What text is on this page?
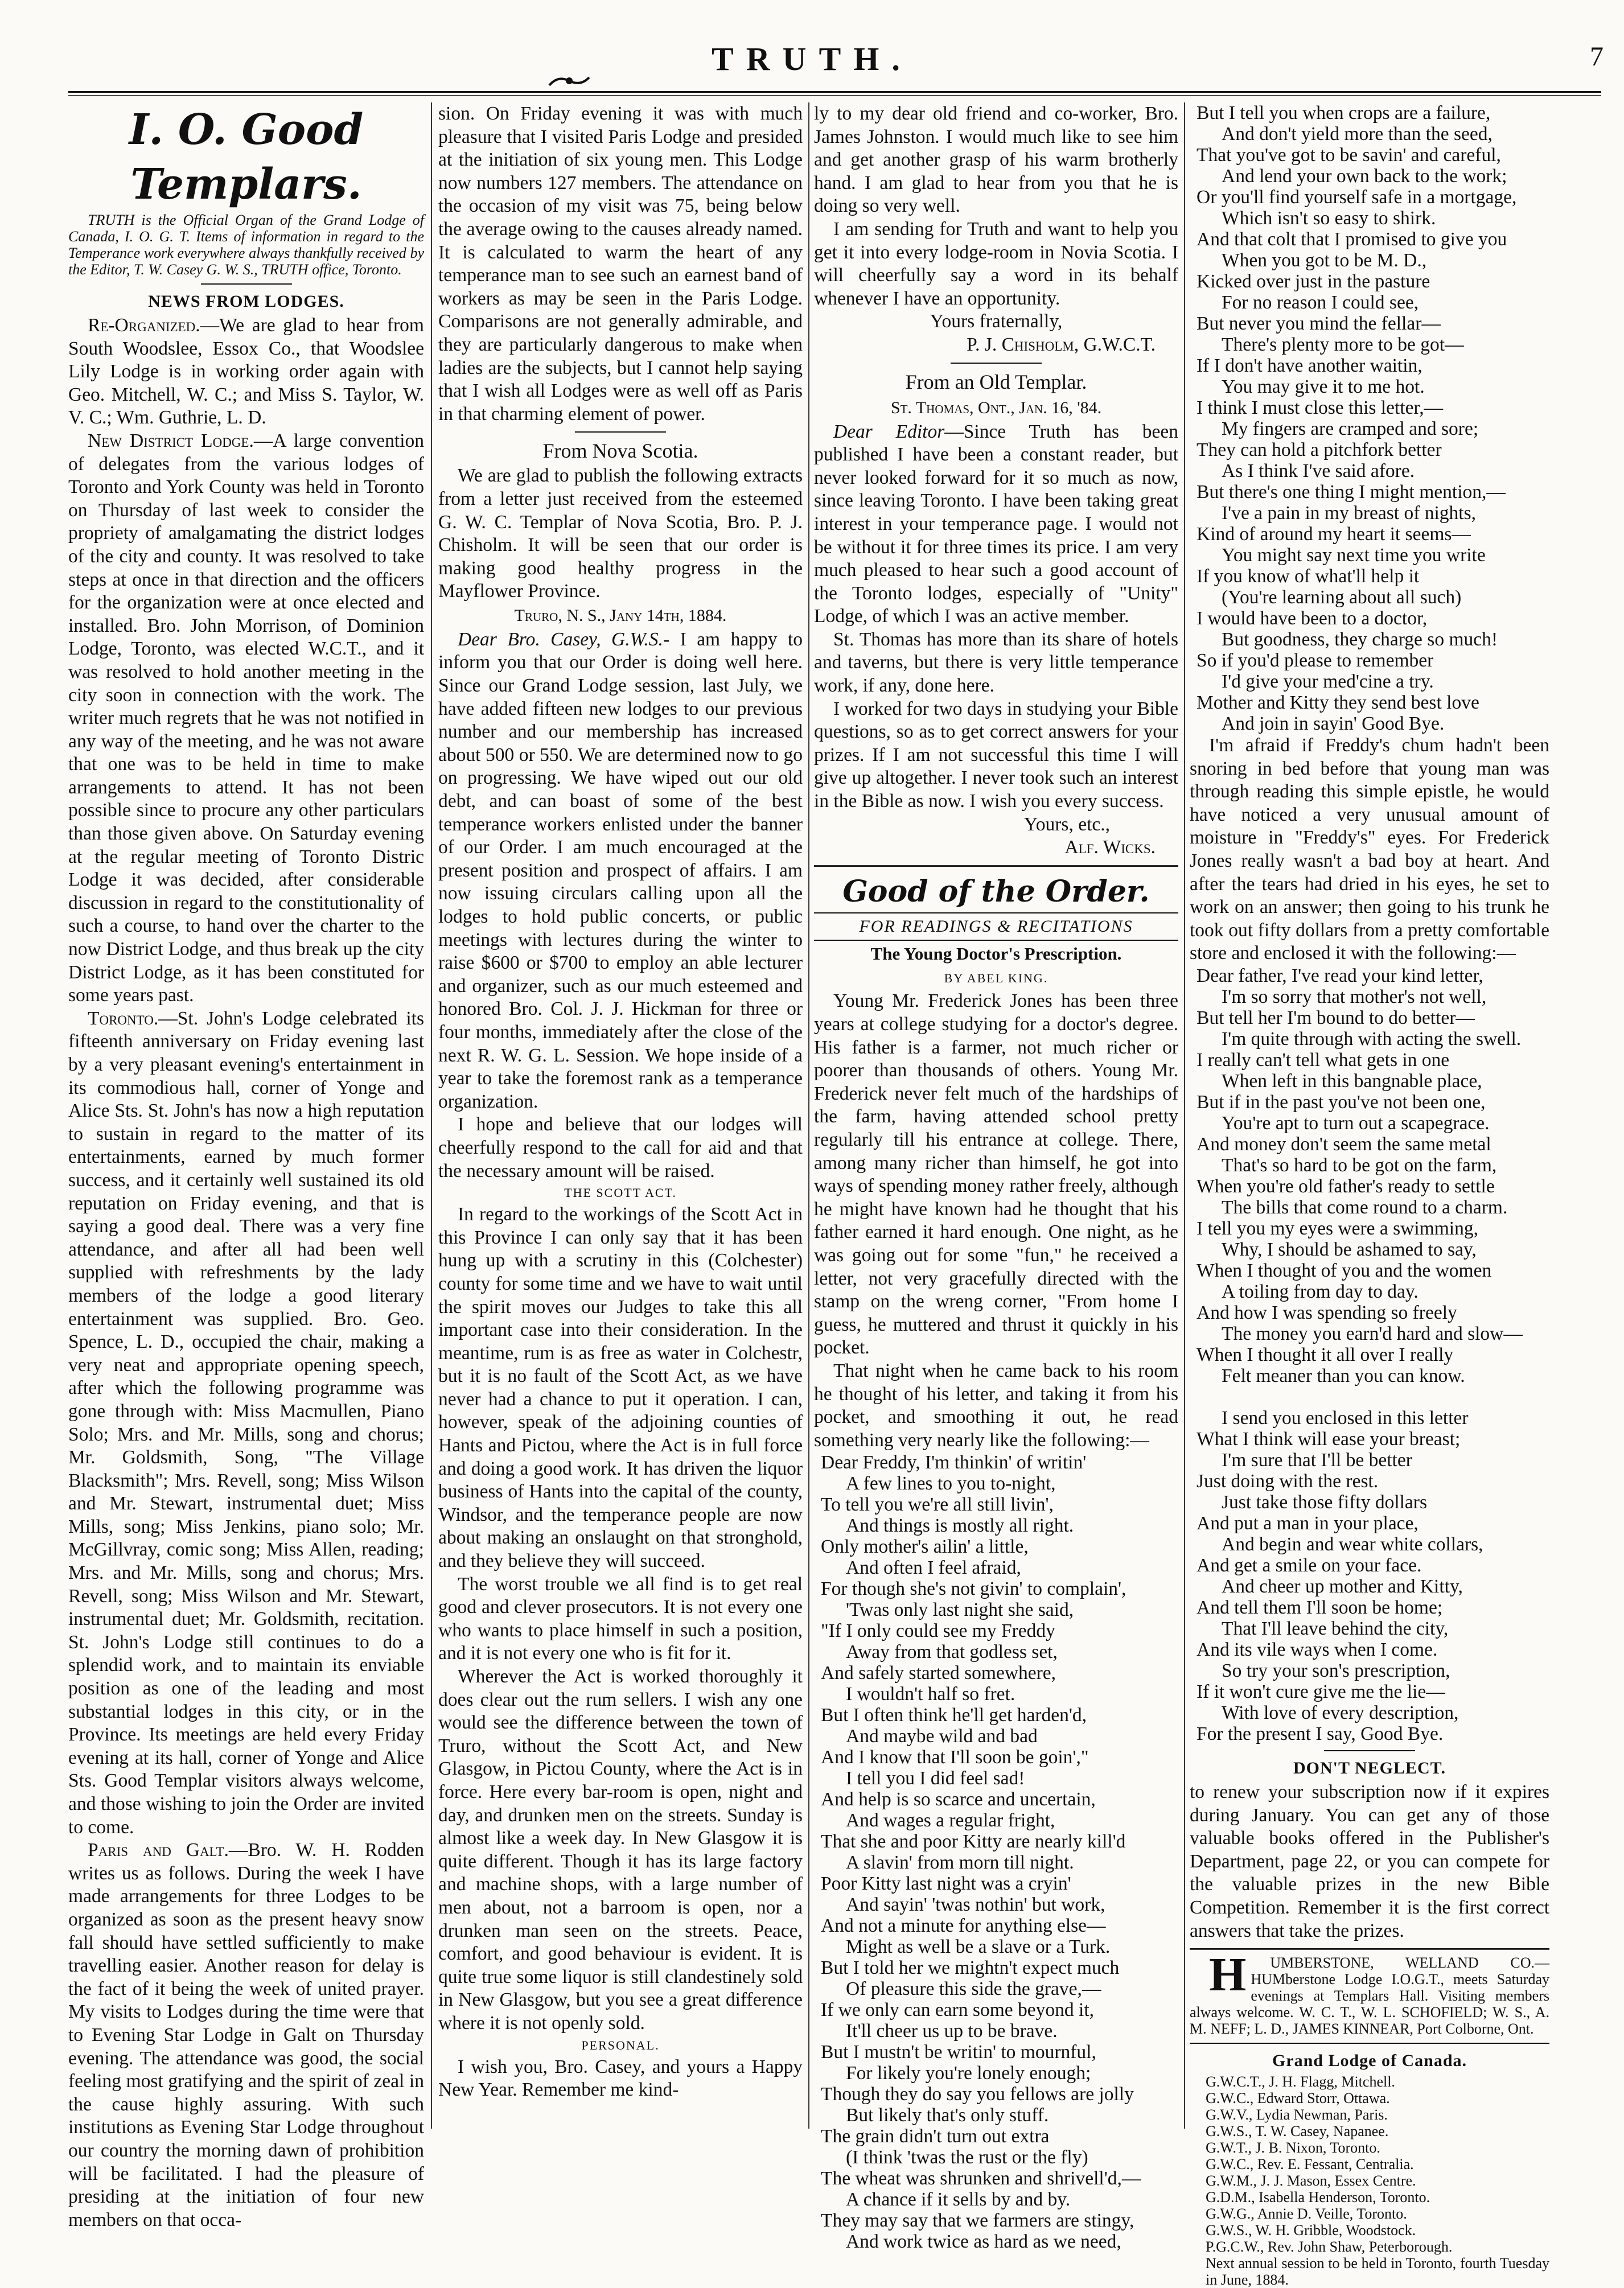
TRUTH.	7
I. O. Good Templars.

TRUTH is the Official Organ of the Grand Lodge of Canada, I. O. G. T. Items of information in regard to the Temperance work everywhere always thankfully received by the Editor, T. W. Casey G. W. S., TRUTH office, Toronto.

NEWS FROM LODGES.

Re-Organized.—We are glad to hear from South Woodslee, Essox Co., that Woodslee Lily Lodge is in working order again with Geo. Mitchell, W. C.; and Miss S. Taylor, W. V. C.; Wm. Guthrie, L. D.

New District Lodge.—A large convention of delegates from the various lodges of Toronto and York County was held in Toronto on Thursday of last week to consider the propriety of amalgamating the district lodges of the city and county. It was resolved to take steps at once in that direction and the officers for the organization were at once elected and installed. Bro. John Morrison, of Dominion Lodge, Toronto, was elected W.C.T., and it was resolved to hold another meeting in the city soon in connection with the work. The writer much regrets that he was not notified in any way of the meeting, and he was not aware that one was to be held in time to make arrangements to attend. It has not been possible since to procure any other particulars than those given above. On Saturday evening at the regular meeting of Toronto Distric Lodge it was decided, after considerable discussion in regard to the constitutionality of such a course, to hand over the charter to the now District Lodge, and thus break up the city District Lodge, as it has been constituted for some years past.

Toronto.—St. John's Lodge celebrated its fifteenth anniversary on Friday evening last by a very pleasant evening's entertainment in its commodious hall, corner of Yonge and Alice Sts. St. John's has now a high reputation to sustain in regard to the matter of its entertainments, earned by much former success, and it certainly well sustained its old reputation on Friday evening, and that is saying a good deal. There was a very fine attendance, and after all had been well supplied with refreshments by the lady members of the lodge a good literary entertainment was supplied. Bro. Geo. Spence, L. D., occupied the chair, making a very neat and appropriate opening speech, after which the following programme was gone through with: Miss Macmullen, Piano Solo; Mrs. and Mr. Mills, song and chorus; Mr. Goldsmith, Song, "The Village Blacksmith"; Mrs. Revell, song; Miss Wilson and Mr. Stewart, instrumental duet; Miss Mills, song; Miss Jenkins, piano solo; Mr. McGillvray, comic song; Miss Allen, reading; Mrs. and Mr. Mills, song and chorus; Mrs. Revell, song; Miss Wilson and Mr. Stewart, instrumental duet; Mr. Goldsmith, recitation. St. John's Lodge still continues to do a splendid work, and to maintain its enviable position as one of the leading and most substantial lodges in this city, or in the Province. Its meetings are held every Friday evening at its hall, corner of Yonge and Alice Sts. Good Templar visitors always welcome, and those wishing to join the Order are invited to come.

Paris and Galt.—Bro. W. H. Rodden writes us as follows. During the week I have made arrangements for three Lodges to be organized as soon as the present heavy snow fall should have settled sufficiently to make travelling easier. Another reason for delay is the fact of it being the week of united prayer. My visits to Lodges during the time were that to Evening Star Lodge in Galt on Thursday evening. The attendance was good, the social feeling most gratifying and the spirit of zeal in the cause highly assuring. With such institutions as Evening Star Lodge throughout our country the morning dawn of prohibition will be facilitated. I had the pleasure of presiding at the initiation of four new members on that occa-

sion. On Friday evening it was with much pleasure that I visited Paris Lodge and presided at the initiation of six young men. This Lodge now numbers 127 members. The attendance on the occasion of my visit was 75, being below the average owing to the causes already named. It is calculated to warm the heart of any temperance man to see such an earnest band of workers as may be seen in the Paris Lodge. Comparisons are not generally admirable, and they are particularly dangerous to make when ladies are the subjects, but I cannot help saying that I wish all Lodges were as well off as Paris in that charming element of power.

From Nova Scotia.

We are glad to publish the following extracts from a letter just received from the esteemed G. W. C. Templar of Nova Scotia, Bro. P. J. Chisholm. It will be seen that our order is making good healthy progress in the Mayflower Province.

Truro, N. S., Jany 14th, 1884.

Dear Bro. Casey, G.W.S.- I am happy to inform you that our Order is doing well here. Since our Grand Lodge session, last July, we have added fifteen new lodges to our previous number and our membership has increased about 500 or 550. We are determined now to go on progressing. We have wiped out our old debt, and can boast of some of the best temperance workers enlisted under the banner of our Order. I am much encouraged at the present position and prospect of affairs. I am now issuing circulars calling upon all the lodges to hold public concerts, or public meetings with lectures during the winter to raise $600 or $700 to employ an able lecturer and organizer, such as our much esteemed and honored Bro. Col. J. J. Hickman for three or four months, immediately after the close of the next R. W. G. L. Session. We hope inside of a year to take the foremost rank as a temperance organization.

I hope and believe that our lodges will cheerfully respond to the call for aid and that the necessary amount will be raised.

THE SCOTT ACT.

In regard to the workings of the Scott Act in this Province I can only say that it has been hung up with a scrutiny in this (Colchester) county for some time and we have to wait until the spirit moves our Judges to take this all important case into their consideration. In the meantime, rum is as free as water in Colchestr, but it is no fault of the Scott Act, as we have never had a chance to put it operation. I can, however, speak of the adjoining counties of Hants and Pictou, where the Act is in full force and doing a good work. It has driven the liquor business of Hants into the capital of the county, Windsor, and the temperance people are now about making an onslaught on that stronghold, and they believe they will succeed.

The worst trouble we all find is to get real good and clever prosecutors. It is not every one who wants to place himself in such a position, and it is not every one who is fit for it.

Wherever the Act is worked thoroughly it does clear out the rum sellers. I wish any one would see the difference between the town of Truro, without the Scott Act, and New Glasgow, in Pictou County, where the Act is in force. Here every bar-room is open, night and day, and drunken men on the streets. Sunday is almost like a week day. In New Glasgow it is quite different. Though it has its large factory and machine shops, with a large number of men about, not a barroom is open, nor a drunken man seen on the streets. Peace, comfort, and good behaviour is evident. It is quite true some liquor is still clandestinely sold in New Glasgow, but you see a great difference where it is not openly sold.

PERSONAL.

I wish you, Bro. Casey, and yours a Happy New Year. Remember me kind-

ly to my dear old friend and co-worker, Bro. James Johnston. I would much like to see him and get another grasp of his warm brotherly hand. I am glad to hear from you that he is doing so very well.

I am sending for Truth and want to help you get it into every lodge-room in Novia Scotia. I will cheerfully say a word in its behalf whenever I have an opportunity.

Yours fraternally,

P. J. Chisholm, G.W.C.T.

From an Old Templar.
St. Thomas, Ont., Jan. 16, '84.

Dear Editor—Since Truth has been published I have been a constant reader, but never looked forward for it so much as now, since leaving Toronto. I have been taking great interest in your temperance page. I would not be without it for three times its price. I am very much pleased to hear such a good account of the Toronto lodges, especially of "Unity" Lodge, of which I was an active member.

St. Thomas has more than its share of hotels and taverns, but there is very little temperance work, if any, done here.

I worked for two days in studying your Bible questions, so as to get correct answers for your prizes. If I am not successful this time I will give up altogether. I never took such an interest in the Bible as now. I wish you every success.

Yours, etc.,

Alf. Wicks.

Good of the Order.
FOR READINGS & RECITATIONS
The Young Doctor's Prescription.
BY ABEL KING.

Young Mr. Frederick Jones has been three years at college studying for a doctor's degree. His father is a farmer, not much richer or poorer than thousands of others. Young Mr. Frederick never felt much of the hardships of the farm, having attended school pretty regularly till his entrance at college. There, among many richer than himself, he got into ways of spending money rather freely, although he might have known had he thought that his father earned it hard enough. One night, as he was going out for some "fun," he received a letter, not very gracefully directed with the stamp on the wreng corner, "From home I guess, he muttered and thrust it quickly in his pocket.

That night when he came back to his room he thought of his letter, and taking it from his pocket, and smoothing it out, he read something very nearly like the following:—

Dear Freddy, I'm thinkin' of writin'
A few lines to you to-night,
To tell you we're all still livin',
And things is mostly all right.
Only mother's ailin' a little,
And often I feel afraid,
For though she's not givin' to complain',
'Twas only last night she said,
"If I only could see my Freddy
Away from that godless set,
And safely started somewhere,
I wouldn't half so fret.
But I often think he'll get harden'd,
And maybe wild and bad
And I know that I'll soon be goin',"
I tell you I did feel sad!
And help is so scarce and uncertain,
And wages a regular fright,
That she and poor Kitty are nearly kill'd
A slavin' from morn till night.
Poor Kitty last night was a cryin'
And sayin' 'twas nothin' but work,
And not a minute for anything else—
Might as well be a slave or a Turk.
But I told her we mightn't expect much
Of pleasure this side the grave,—
If we only can earn some beyond it,
It'll cheer us up to be brave.
But I mustn't be writin' to mournful,
For likely you're lonely enough;
Though they do say you fellows are jolly
But likely that's only stuff.
The grain didn't turn out extra
(I think 'twas the rust or the fly)
The wheat was shrunken and shrivell'd,—
A chance if it sells by and by.
They may say that we farmers are stingy,
And work twice as hard as we need,
But I tell you when crops are a failure,
And don't yield more than the seed,
That you've got to be savin' and careful,
And lend your own back to the work;
Or you'll find yourself safe in a mortgage,
Which isn't so easy to shirk.
And that colt that I promised to give you
When you got to be M. D.,
Kicked over just in the pasture
For no reason I could see,
But never you mind the fellar—
There's plenty more to be got—
If I don't have another waitin,
You may give it to me hot.
I think I must close this letter,—
My fingers are cramped and sore;
They can hold a pitchfork better
As I think I've said afore.
But there's one thing I might mention,—
I've a pain in my breast of nights,
Kind of around my heart it seems—
You might say next time you write
If you know of what'll help it
(You're learning about all such)
I would have been to a doctor,
But goodness, they charge so much!
So if you'd please to remember
I'd give your med'cine a try.
Mother and Kitty they send best love
And join in sayin' Good Bye.

I'm afraid if Freddy's chum hadn't been snoring in bed before that young man was through reading this simple epistle, he would have noticed a very unusual amount of moisture in "Freddy's" eyes. For Frederick Jones really wasn't a bad boy at heart. And after the tears had dried in his eyes, he set to work on an answer; then going to his trunk he took out fifty dollars from a pretty comfortable store and enclosed it with the following:—

Dear father, I've read your kind letter,
I'm so sorry that mother's not well,
But tell her I'm bound to do better—
I'm quite through with acting the swell.
I really can't tell what gets in one
When left in this bangnable place,
But if in the past you've not been one,
You're apt to turn out a scapegrace.
And money don't seem the same metal
That's so hard to be got on the farm,
When you're old father's ready to settle
The bills that come round to a charm.
I tell you my eyes were a swimming,
Why, I should be ashamed to say,
When I thought of you and the women
A toiling from day to day.
And how I was spending so freely
The money you earn'd hard and slow—
When I thought it all over I really
Felt meaner than you can know.

I send you enclosed in this letter
What I think will ease your breast;
I'm sure that I'll be better
Just doing with the rest.
Just take those fifty dollars
And put a man in your place,
And begin and wear white collars,
And get a smile on your face.
And cheer up mother and Kitty,
And tell them I'll soon be home;
That I'll leave behind the city,
And its vile ways when I come.
So try your son's prescription,
If it won't cure give me the lie—
With love of every description,
For the present I say, Good Bye.
DON'T NEGLECT.

to renew your subscription now if it expires during January. You can get any of those valuable books offered in the Publisher's Department, page 22, or you can compete for the valuable prizes in the new Bible Competition. Remember it is the first correct answers that take the prizes.

H UMBERSTONE, WELLAND CO.—HUMberstone Lodge I.O.G.T., meets Saturday evenings at Templars Hall. Visiting members always welcome. W. C. T., W. L. SCHOFIELD; W. S., A. M. NEFF; L. D., JAMES KINNEAR, Port Colborne, Ont.

Grand Lodge of Canada.
G.W.C.T., J. H. Flagg, Mitchell.
G.W.C., Edward Storr, Ottawa.
G.W.V., Lydia Newman, Paris.
G.W.S., T. W. Casey, Napanee.
G.W.T., J. B. Nixon, Toronto.
G.W.C., Rev. E. Fessant, Centralia.
G.W.M., J. J. Mason, Essex Centre.
G.D.M., Isabella Henderson, Toronto.
G.W.G., Annie D. Veille, Toronto.
G.W.S., W. H. Gribble, Woodstock.
P.G.C.W., Rev. John Shaw, Peterborough.
Next annual session to be held in Toronto, fourth Tuesday in June, 1884.
